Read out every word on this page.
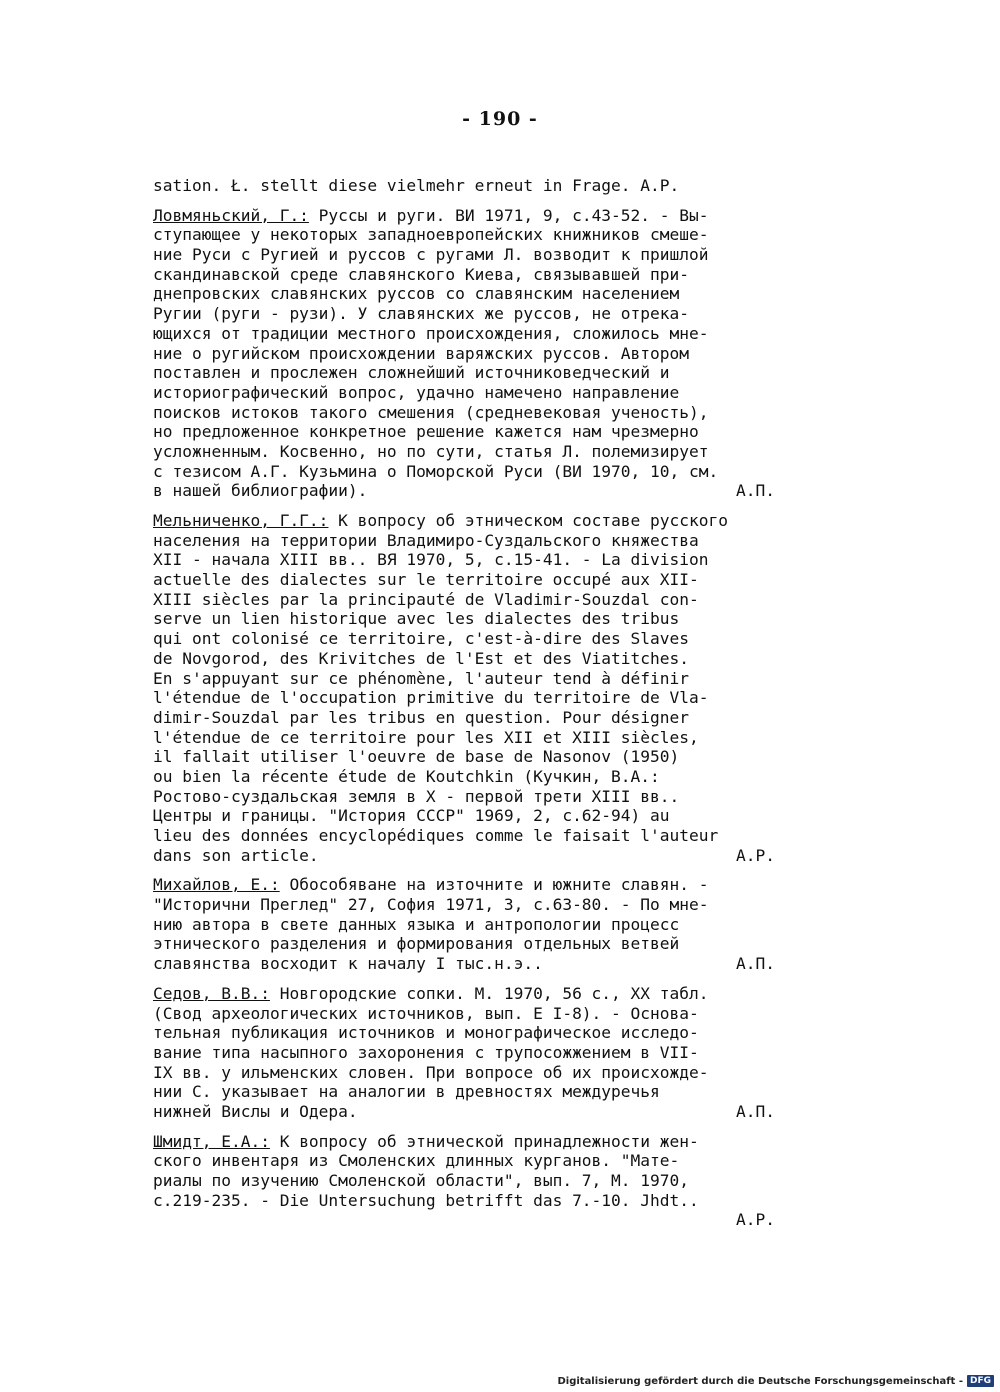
- 190 -
sation. Ł. stellt diese vielmehr erneut in Frage. A.P.
Ловмяньский, Г.: Руссы и руги. ВИ 1971, 9, с.43-52. - Вы-
ступающее у некоторых западноевропейских книжников смеше-
ние Руси с Ругией и руссов с ругами Л. возводит к пришлой
скандинавской среде славянского Киева, связывавшей при-
днепровских славянских руссов со славянским населением
Ругии (руги - рузи). У славянских же руссов, не отрека-
ющихся от традиции местного происхождения, сложилось мне-
ние о ругийском происхождении варяжских руссов. Автором
поставлен и прослежен сложнейший источниковедческий и
историографический вопрос, удачно намечено направление
поисков истоков такого смешения (средневековая ученость),
но предложенное конкретное решение кажется нам чрезмерно
усложненным. Косвенно, но по сути, статья Л. полемизирует
с тезисом А.Г. Кузьмина о Поморской Руси (ВИ 1970, 10, см.
в нашей библиографии).	А.П.
Мельниченко, Г.Г.: К вопросу об этническом составе русского
населения на территории Владимиро-Суздальского княжества
XII - начала XIII вв.. ВЯ 1970, 5, с.15-41. - La division
actuelle des dialectes sur le territoire occupé aux XII-
XIII siècles par la principauté de Vladimir-Souzdal con-
serve un lien historique avec les dialectes des tribus
qui ont colonisé ce territoire, c'est-à-dire des Slaves
de Novgorod, des Krivitches de l'Est et des Viatitches.
En s'appuyant sur ce phénomène, l'auteur tend à définir
l'étendue de l'occupation primitive du territoire de Vla-
dimir-Souzdal par les tribus en question. Pour désigner
l'étendue de ce territoire pour les XII et XIII siècles,
il fallait utiliser l'oeuvre de base de Nasonov (1950)
ou bien la récente étude de Koutchkin (Кучкин, В.А.:
Ростово-суздальская земля в X - первой трети XIII вв..
Центры и границы. "История СССР" 1969, 2, с.62-94) au
lieu des données encyclopédiques comme le faisait l'auteur
dans son article.	A.P.
Михайлов, Е.: Обособяване на източните и южните славян. -
"Исторични Преглед" 27, София 1971, 3, с.63-80. - По мне-
нию автора в свете данных языка и антропологии процесс
этнического разделения и формирования отдельных ветвей
славянства восходит к началу I тыс.н.э..	А.П.
Седов, В.В.: Новгородские сопки. М. 1970, 56 с., XX табл.
(Свод археологических источников, вып. Е I-8). - Основа-
тельная публикация источников и монографическое исследо-
вание типа насыпного захоронения с трупосожжением в VII-
IX вв. у ильменских словен. При вопросе об их происхожде-
нии С. указывает на аналогии в древностях междуречья
нижней Вислы и Одера.	А.П.
Шмидт, Е.А.: К вопросу об этнической принадлежности жен-
ского инвентаря из Смоленских длинных курганов. "Мате-
риалы по изучению Смоленской области", вып. 7, М. 1970,
с.219-235. - Die Untersuchung betrifft das 7.-10. Jhdt..
A.P.
Digitalisierung gefördert durch die Deutsche Forschungsgemeinschaft - DFG
